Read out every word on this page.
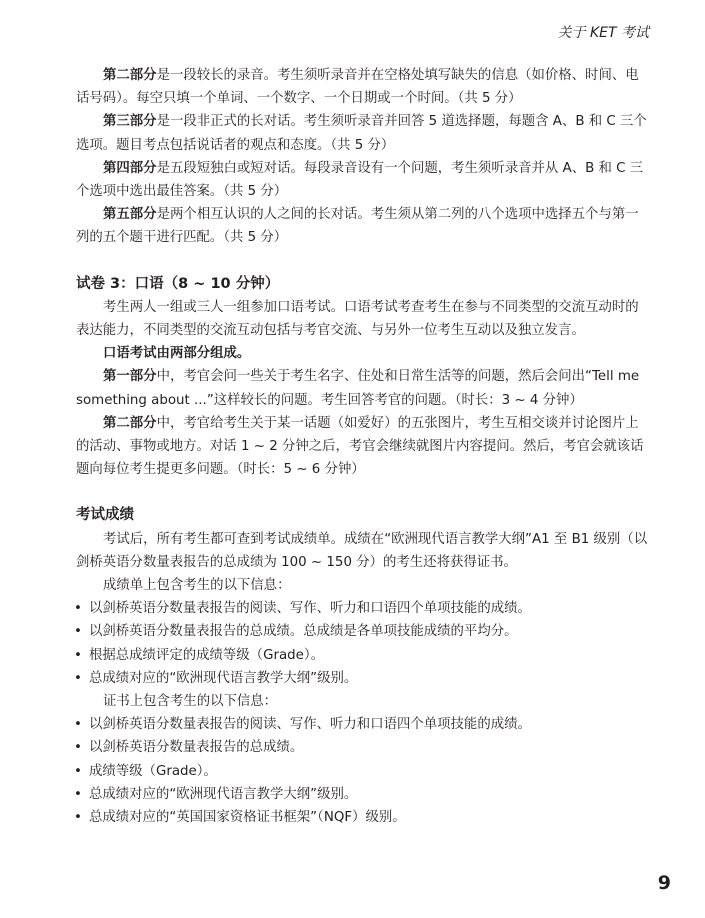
关于 KET 考试

第二部分是一段较长的录音。考生须听录音并在空格处填写缺失的信息（如价格、时间、电话号码）。每空只填一个单词、一个数字、一个日期或一个时间。（共 5 分）

第三部分是一段非正式的长对话。考生须听录音并回答 5 道选择题，每题含 A、B 和 C 三个选项。题目考点包括说话者的观点和态度。（共 5 分）

第四部分是五段短独白或短对话。每段录音设有一个问题，考生须听录音并从 A、B 和 C 三个选项中选出最佳答案。（共 5 分）

第五部分是两个相互认识的人之间的长对话。考生须从第二列的八个选项中选择五个与第一列的五个题干进行匹配。（共 5 分）

试卷 3：口语（8 ~ 10 分钟）

考生两人一组或三人一组参加口语考试。口语考试考查考生在参与不同类型的交流互动时的表达能力，不同类型的交流互动包括与考官交流、与另外一位考生互动以及独立发言。

口语考试由两部分组成。

第一部分中，考官会问一些关于考生名字、住处和日常生活等的问题，然后会问出“Tell me something about ...”这样较长的问题。考生回答考官的问题。（时长：3 ~ 4 分钟）

第二部分中，考官给考生关于某一话题（如爱好）的五张图片，考生互相交谈并讨论图片上的活动、事物或地方。对话 1 ~ 2 分钟之后，考官会继续就图片内容提问。然后，考官会就该话题向每位考生提更多问题。（时长：5 ~ 6 分钟）

考试成绩

考试后，所有考生都可查到考试成绩单。成绩在“欧洲现代语言教学大纲”A1 至 B1 级别（以剑桥英语分数量表报告的总成绩为 100 ~ 150 分）的考生还将获得证书。

成绩单上包含考生的以下信息：

• 以剑桥英语分数量表报告的阅读、写作、听力和口语四个单项技能的成绩。
• 以剑桥英语分数量表报告的总成绩。总成绩是各单项技能成绩的平均分。
• 根据总成绩评定的成绩等级（Grade）。
• 总成绩对应的“欧洲现代语言教学大纲”级别。

证书上包含考生的以下信息：

• 以剑桥英语分数量表报告的阅读、写作、听力和口语四个单项技能的成绩。
• 以剑桥英语分数量表报告的总成绩。
• 成绩等级（Grade）。
• 总成绩对应的“欧洲现代语言教学大纲”级别。
• 总成绩对应的“英国国家资格证书框架”（NQF）级别。
9
